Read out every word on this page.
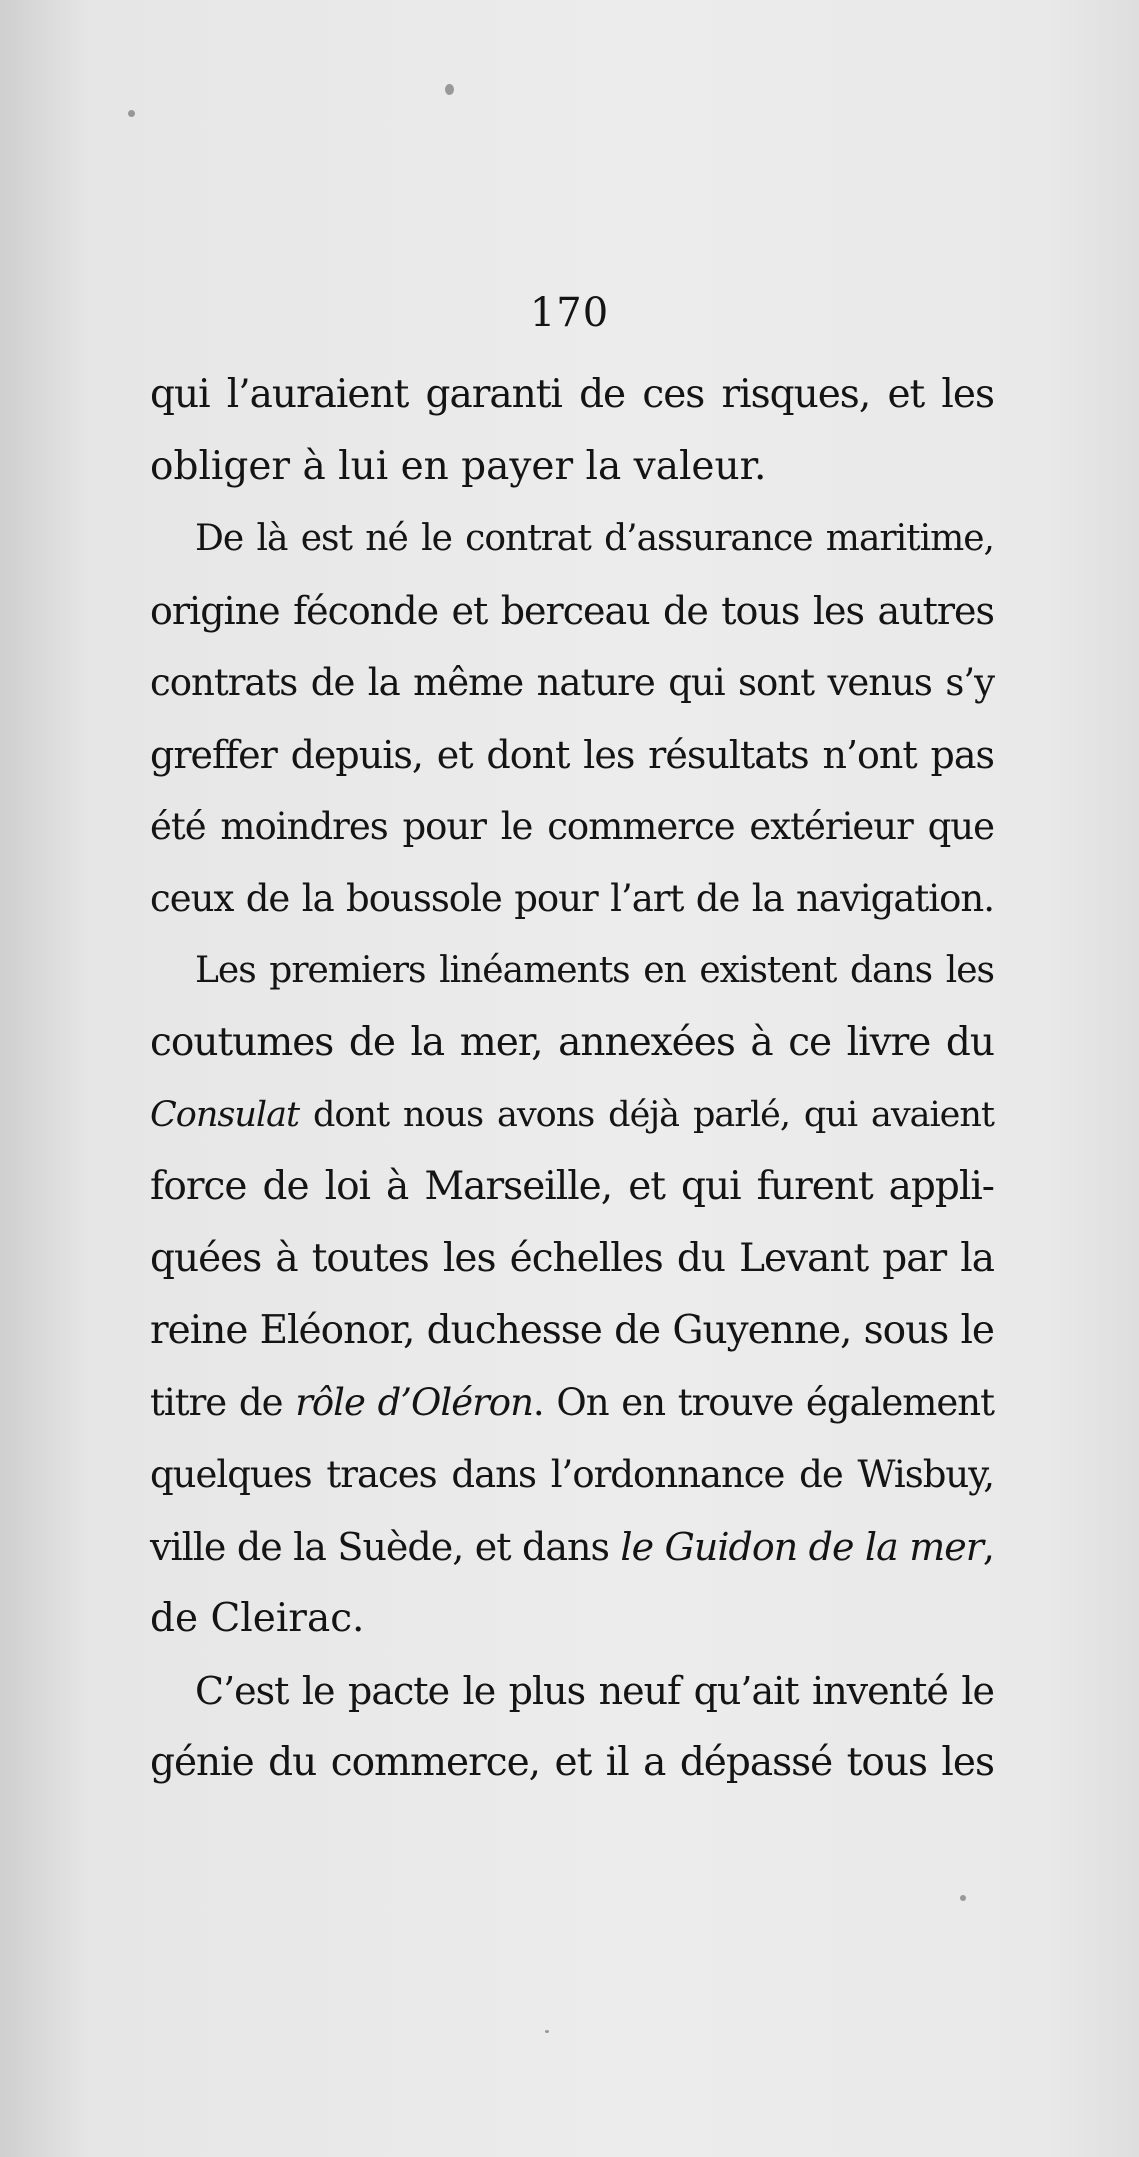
170
qui l’auraient garanti de ces risques, et les
obliger à lui en payer la valeur.
De là est né le contrat d’assurance maritime,
origine féconde et berceau de tous les autres
contrats de la même nature qui sont venus s’y
greffer depuis, et dont les résultats n’ont pas
été moindres pour le commerce extérieur que
ceux de la boussole pour l’art de la navigation.
Les premiers linéaments en existent dans les
coutumes de la mer, annexées à ce livre du
Consulat dont nous avons déjà parlé, qui avaient
force de loi à Marseille, et qui furent appli-
quées à toutes les échelles du Levant par la
reine Eléonor, duchesse de Guyenne, sous le
titre de rôle d’Oléron. On en trouve également
quelques traces dans l’ordonnance de Wisbuy,
ville de la Suède, et dans le Guidon de la mer,
de Cleirac.
C’est le pacte le plus neuf qu’ait inventé le
génie du commerce, et il a dépassé tous les
